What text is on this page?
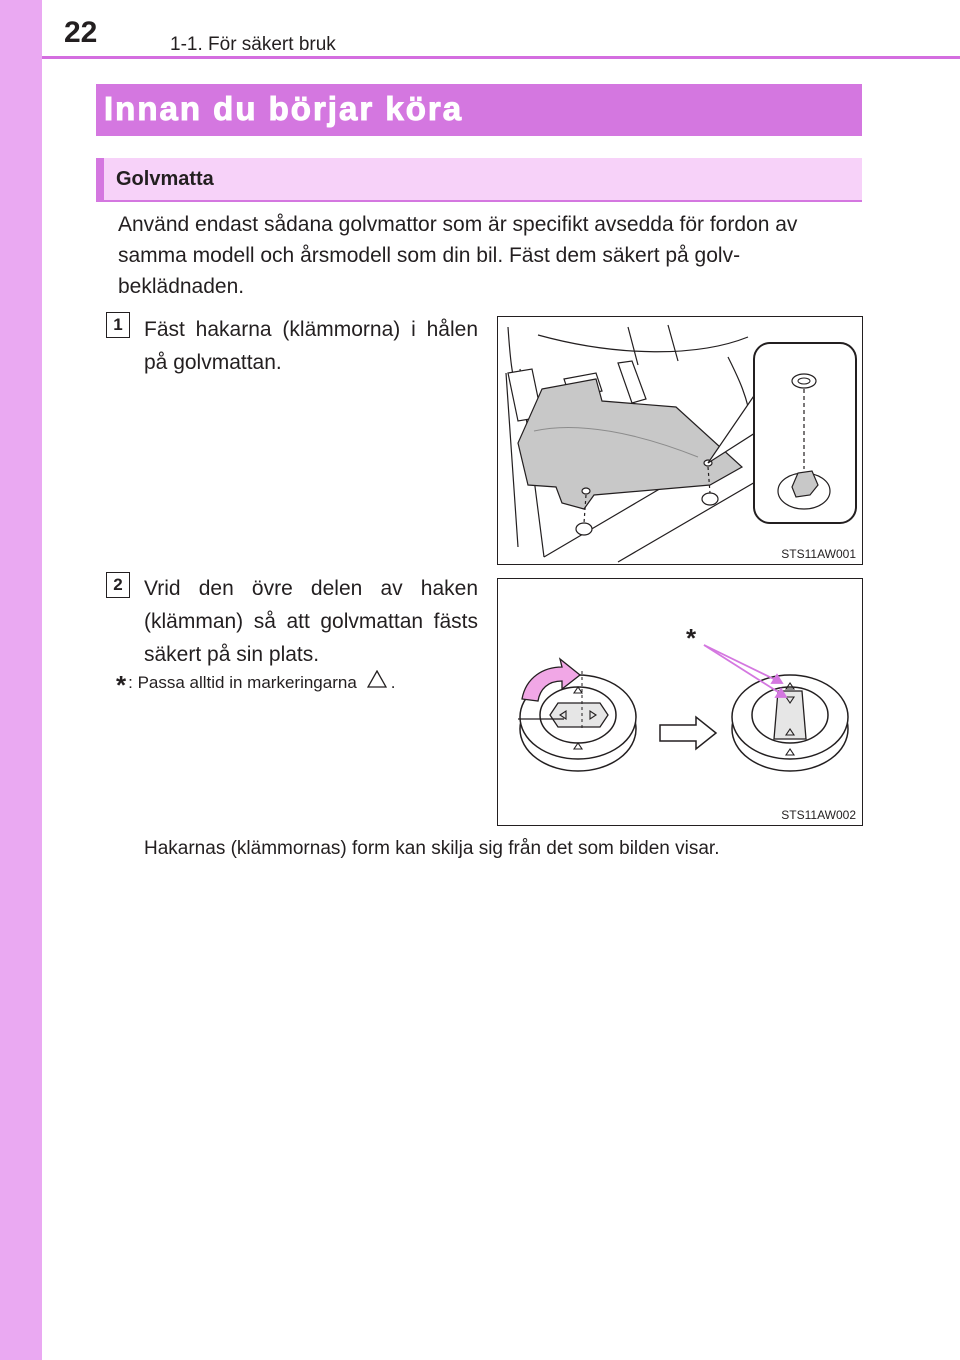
22	1-1. För säkert bruk
Innan du börjar köra
Golvmatta
Använd endast sådana golvmattor som är specifikt avsedda för fordon av samma modell och årsmodell som din bil. Fäst dem säkert på golv-beklädnaden.
1	Fäst hakarna (klämmorna) i hålen på golvmattan.
STS11AW001
2	Vrid den övre delen av haken (klämman) så att golvmattan fästs säkert på sin plats.
* : Passa alltid in markeringarna .
*
STS11AW002
Hakarnas (klämmornas) form kan skilja sig från det som bilden visar.
